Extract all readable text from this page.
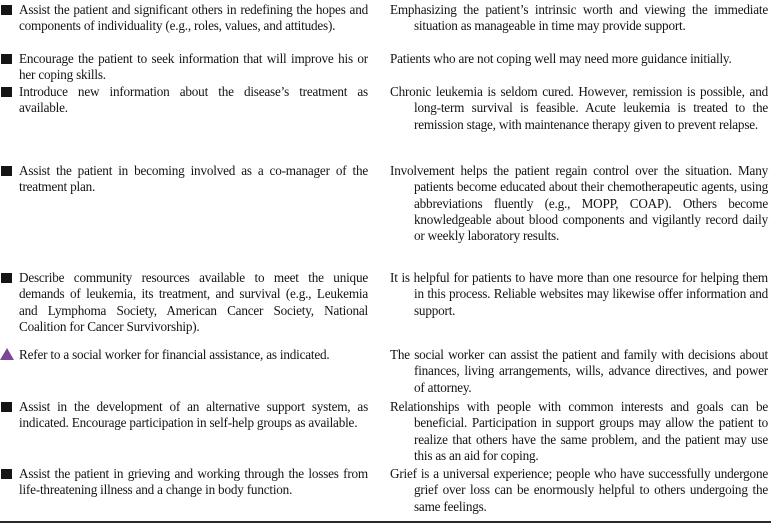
Assist the patient and significant others in redefining the hopes and components of individuality (e.g., roles, values, and attitudes).

Emphasizing the patient’s intrinsic worth and viewing the immediate situation as manageable in time may provide support.

Encourage the patient to seek information that will improve his or her coping skills.

Patients who are not coping well may need more guidance initially.

Introduce new information about the disease’s treatment as available.

Chronic leukemia is seldom cured. However, remission is possible, and long-term survival is feasible. Acute leukemia is treated to the remission stage, with maintenance therapy given to prevent relapse.

Assist the patient in becoming involved as a co-manager of the treatment plan.

Involvement helps the patient regain control over the situation. Many patients become educated about their chemotherapeutic agents, using abbreviations fluently (e.g., MOPP, COAP). Others become knowledgeable about blood components and vigilantly record daily or weekly laboratory results.

Describe community resources available to meet the unique demands of leukemia, its treatment, and survival (e.g., Leukemia and Lymphoma Society, American Cancer Society, National Coalition for Cancer Survivorship).

It is helpful for patients to have more than one resource for helping them in this process. Reliable websites may likewise offer information and support.

Refer to a social worker for financial assistance, as indicated.	The social worker can assist the patient and family with decisions about finances, living arrangements, wills, advance directives, and power of attorney.

Assist in the development of an alternative support system, as indicated. Encourage participation in self-help groups as available.

Relationships with people with common interests and goals can be beneficial. Participation in support groups may allow the patient to realize that others have the same problem, and the patient may use this as an aid for coping.

Assist the patient in grieving and working through the losses from life-threatening illness and a change in body function.

Grief is a universal experience; people who have successfully undergone grief over loss can be enormously helpful to others undergoing the same feelings.
